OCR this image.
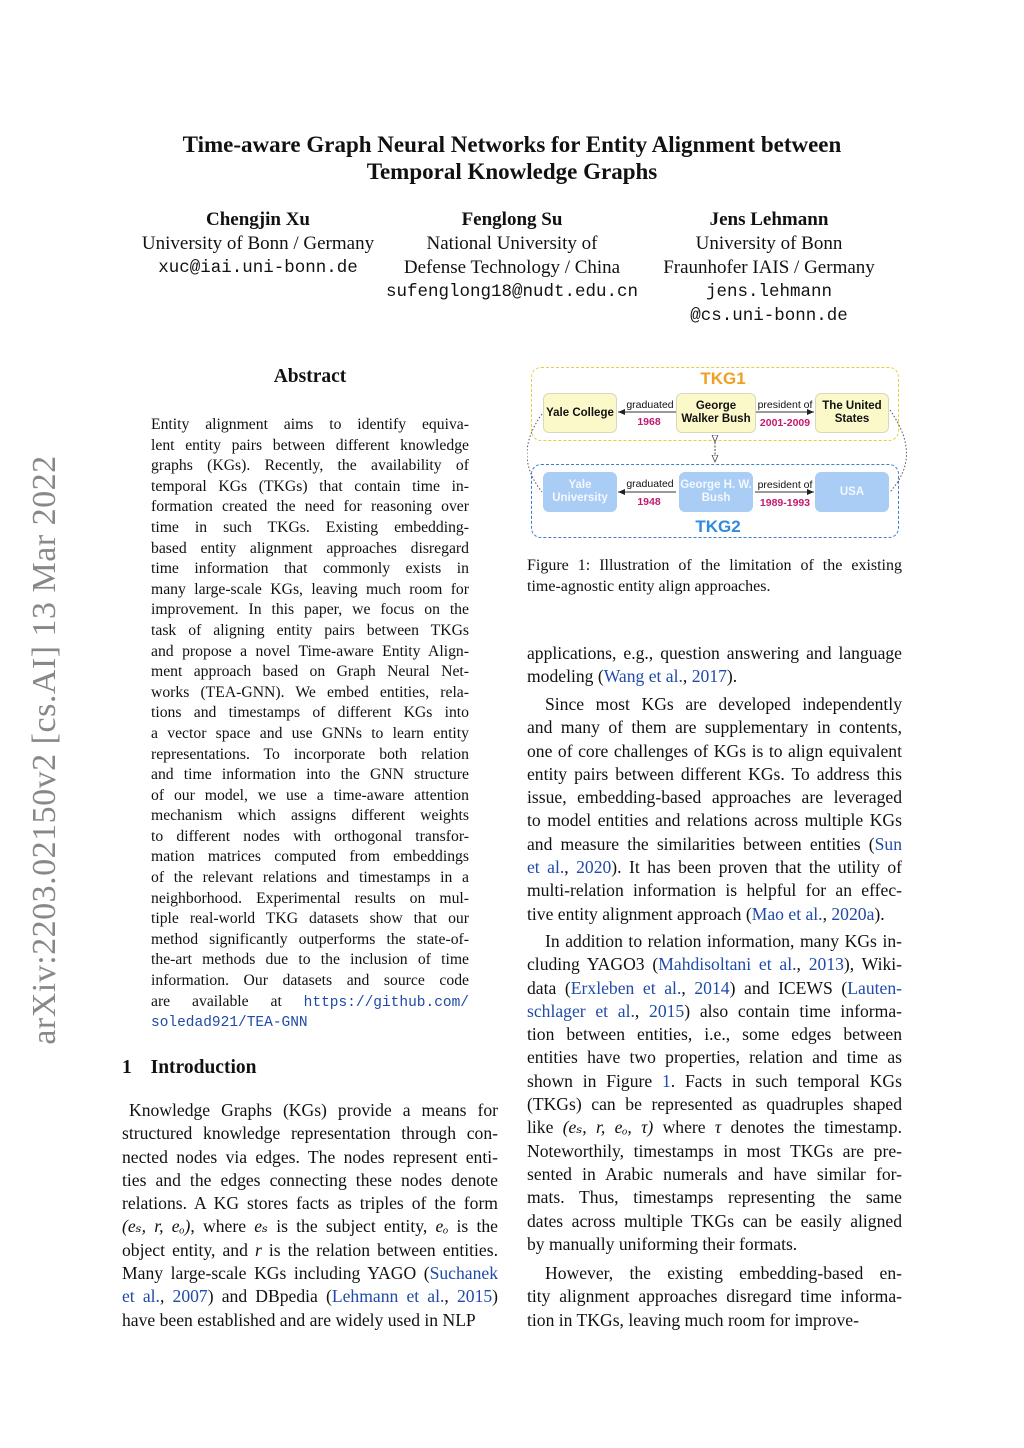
arXiv:2203.02150v2 [cs.AI] 13 Mar 2022
Time-aware Graph Neural Networks for Entity Alignment between
Temporal Knowledge Graphs
Chengjin Xu
University of Bonn / Germany
xuc@iai.uni-bonn.de
Fenglong Su
National University of
Defense Technology / China
sufenglong18@nudt.edu.cn
Jens Lehmann
University of Bonn
Fraunhofer IAIS / Germany
jens.lehmann
@cs.uni-bonn.de
Abstract
Entity alignment aims to identify equiva-
lent entity pairs between different knowledge
graphs (KGs). Recently, the availability of
temporal KGs (TKGs) that contain time in-
formation created the need for reasoning over
time in such TKGs. Existing embedding-
based entity alignment approaches disregard
time information that commonly exists in
many large-scale KGs, leaving much room for
improvement. In this paper, we focus on the
task of aligning entity pairs between TKGs
and propose a novel Time-aware Entity Align-
ment approach based on Graph Neural Net-
works (TEA-GNN). We embed entities, rela-
tions and timestamps of different KGs into
a vector space and use GNNs to learn entity
representations. To incorporate both relation
and time information into the GNN structure
of our model, we use a time-aware attention
mechanism which assigns different weights
to different nodes with orthogonal transfor-
mation matrices computed from embeddings
of the relevant relations and timestamps in a
neighborhood. Experimental results on mul-
tiple real-world TKG datasets show that our
method significantly outperforms the state-of-
the-art methods due to the inclusion of time
information. Our datasets and source code
are available at https://github.com/
soledad921/TEA-GNN
1 Introduction
Knowledge Graphs (KGs) provide a means for
structured knowledge representation through con-
nected nodes via edges. The nodes represent enti-
ties and the edges connecting these nodes denote
relations. A KG stores facts as triples of the form
(eₛ, r, eₒ), where eₛ is the subject entity, eₒ is the
object entity, and r is the relation between entities.
Many large-scale KGs including YAGO (Suchanek
et al., 2007) and DBpedia (Lehmann et al., 2015)
have been established and are widely used in NLP
TKG1
TKG2
Yale College
George Walker Bush
The United States
Yale University
George H. W. Bush
USA
graduated
1968
president of
2001-2009
graduated
1948
president of
1989-1993
Figure 1: Illustration of the limitation of the existing
time-agnostic entity align approaches.
applications, e.g., question answering and language
modeling (Wang et al., 2017).
Since most KGs are developed independently
and many of them are supplementary in contents,
one of core challenges of KGs is to align equivalent
entity pairs between different KGs. To address this
issue, embedding-based approaches are leveraged
to model entities and relations across multiple KGs
and measure the similarities between entities (Sun
et al., 2020). It has been proven that the utility of
multi-relation information is helpful for an effec-
tive entity alignment approach (Mao et al., 2020a).
In addition to relation information, many KGs in-
cluding YAGO3 (Mahdisoltani et al., 2013), Wiki-
data (Erxleben et al., 2014) and ICEWS (Lauten-
schlager et al., 2015) also contain time informa-
tion between entities, i.e., some edges between
entities have two properties, relation and time as
shown in Figure 1. Facts in such temporal KGs
(TKGs) can be represented as quadruples shaped
like (eₛ, r, eₒ, τ) where τ denotes the timestamp.
Noteworthily, timestamps in most TKGs are pre-
sented in Arabic numerals and have similar for-
mats. Thus, timestamps representing the same
dates across multiple TKGs can be easily aligned
by manually uniforming their formats.
However, the existing embedding-based en-
tity alignment approaches disregard time informa-
tion in TKGs, leaving much room for improve-
